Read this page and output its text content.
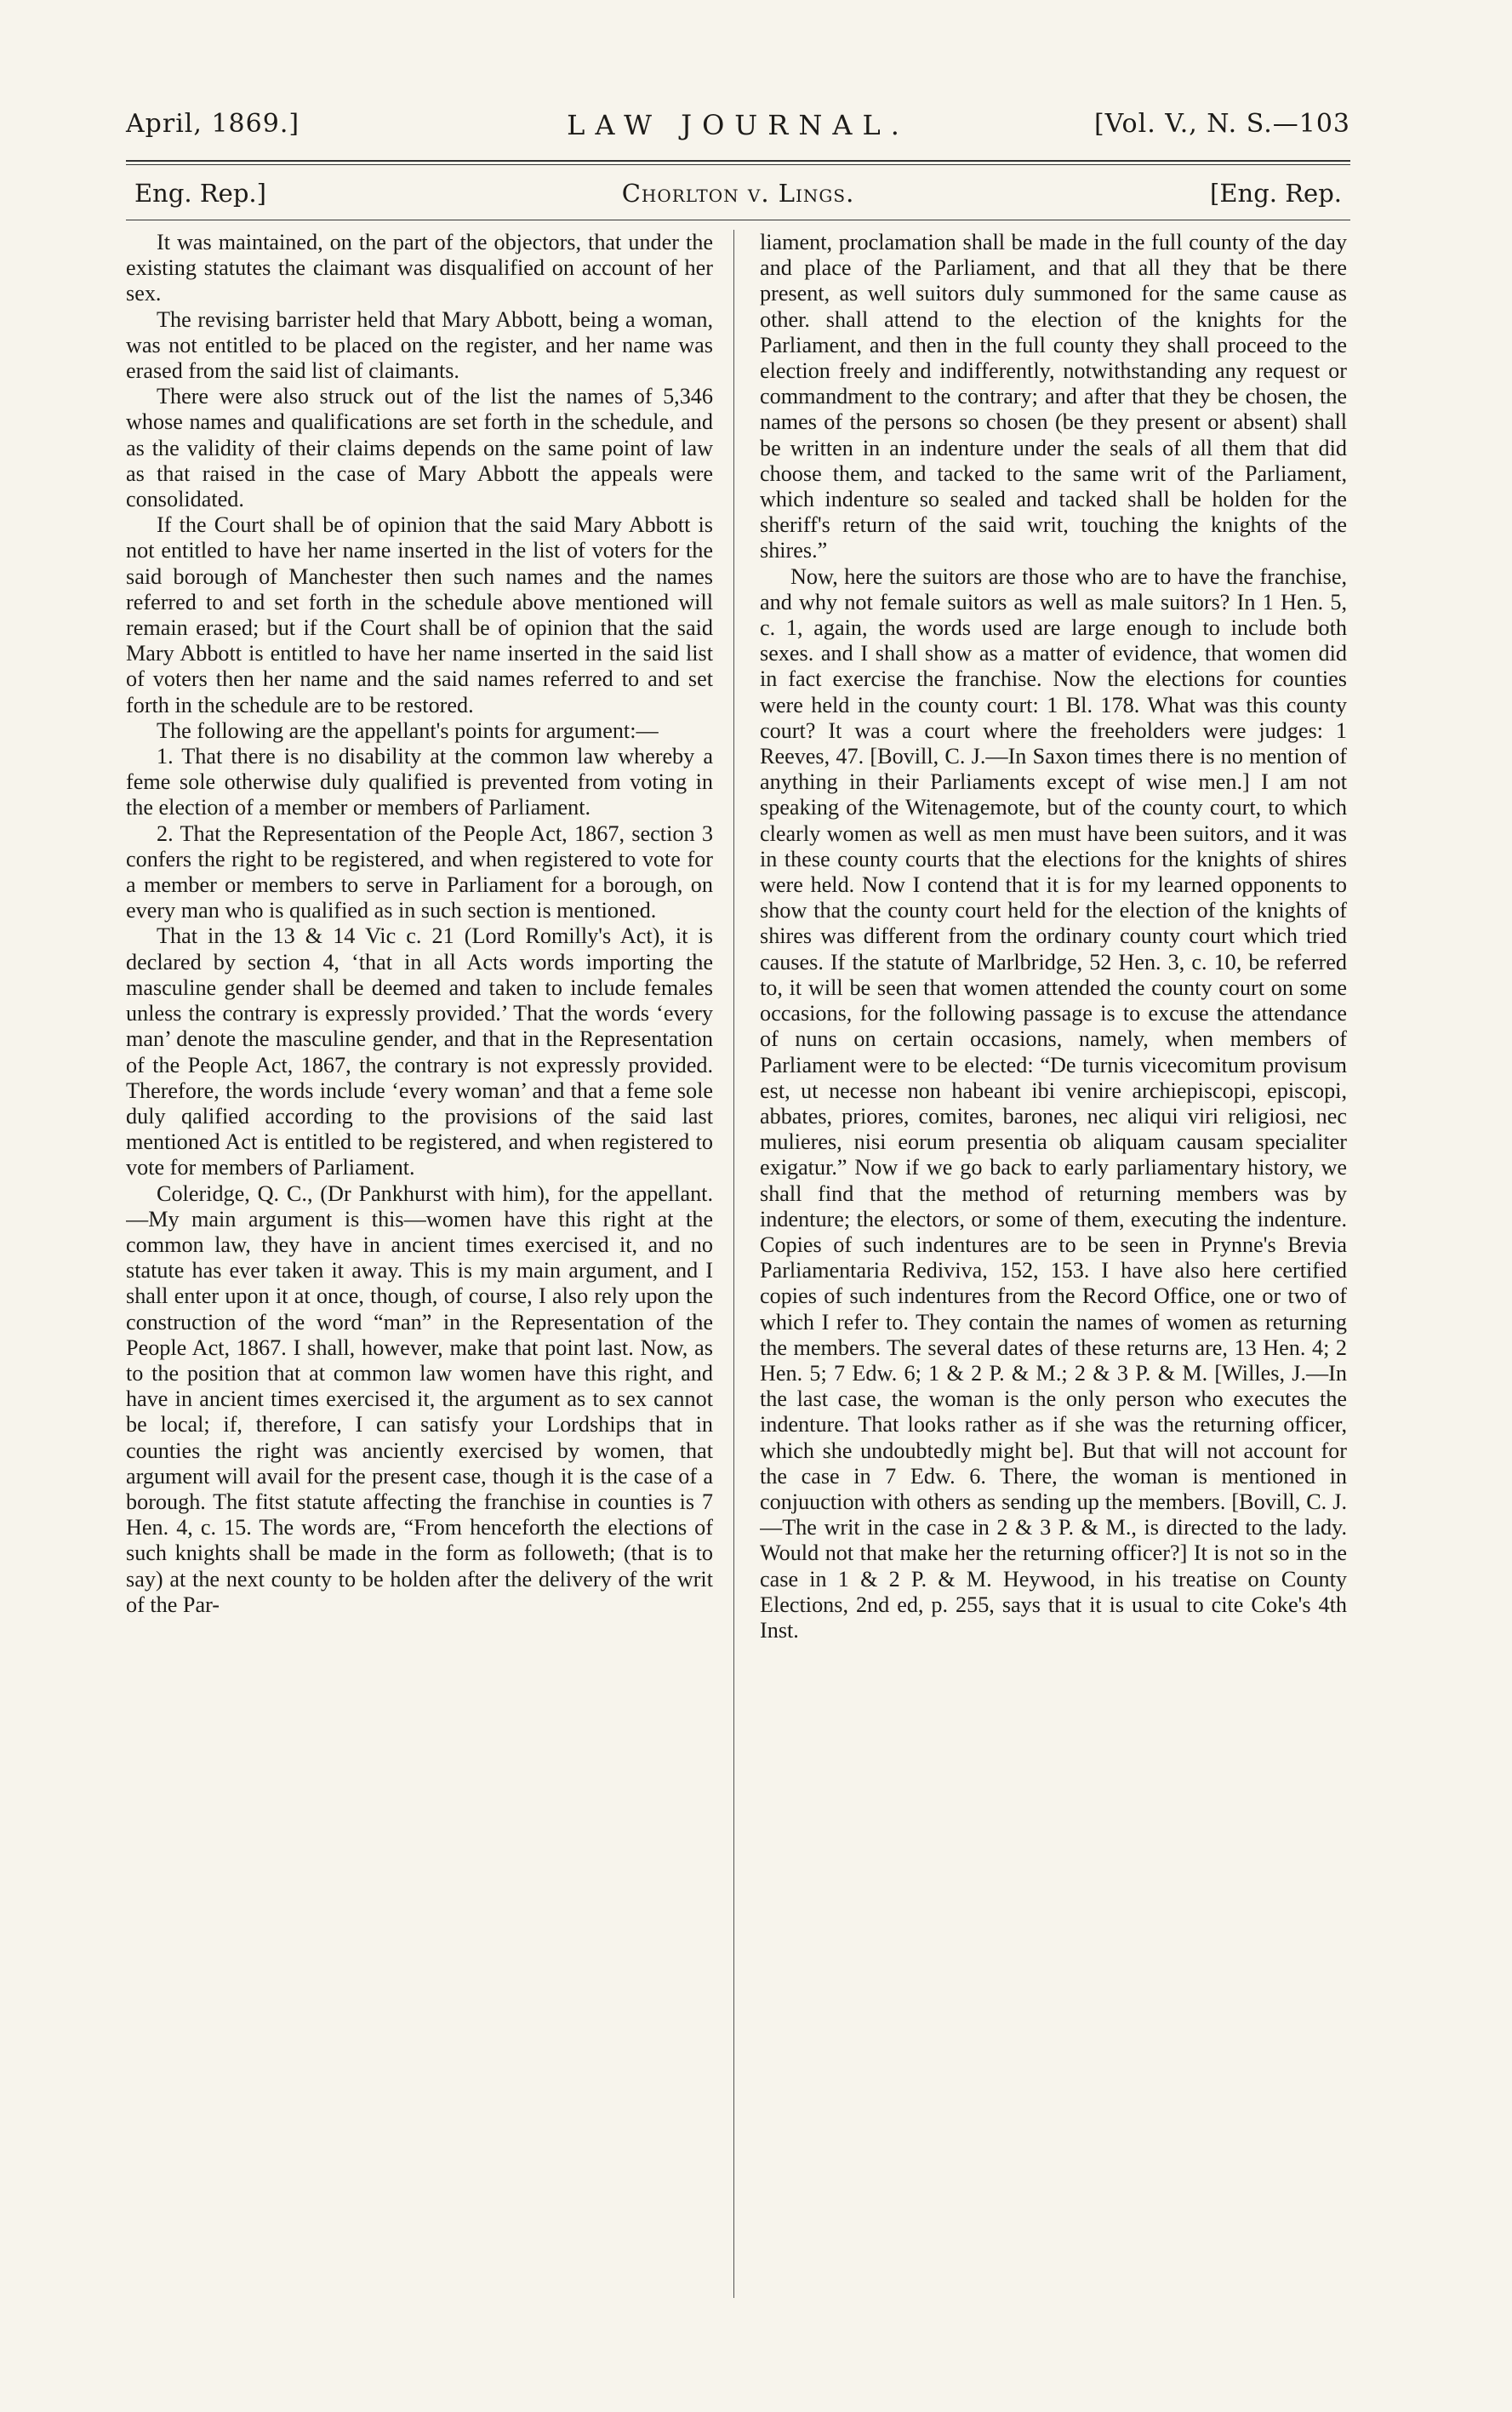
April, 1869.]	LAW JOURNAL.	[Vol. V., N. S.—103
Eng. Rep.]	Chorlton v. Lings.	[Eng. Rep.

It was maintained, on the part of the objectors, that under the existing statutes the claimant was disqualified on account of her sex.

The revising barrister held that Mary Abbott, being a woman, was not entitled to be placed on the register, and her name was erased from the said list of claimants.

There were also struck out of the list the names of 5,346 whose names and qualifications are set forth in the schedule, and as the validity of their claims depends on the same point of law as that raised in the case of Mary Abbott the appeals were consolidated.

If the Court shall be of opinion that the said Mary Abbott is not entitled to have her name inserted in the list of voters for the said borough of Manchester then such names and the names referred to and set forth in the schedule above mentioned will remain erased; but if the Court shall be of opinion that the said Mary Abbott is entitled to have her name inserted in the said list of voters then her name and the said names referred to and set forth in the schedule are to be restored.

The following are the appellant's points for argument:—

1. That there is no disability at the common law whereby a feme sole otherwise duly qualified is prevented from voting in the election of a member or members of Parliament.

2. That the Representation of the People Act, 1867, section 3 confers the right to be registered, and when registered to vote for a member or members to serve in Parliament for a borough, on every man who is qualified as in such section is mentioned.

That in the 13 & 14 Vic c. 21 (Lord Romilly's Act), it is declared by section 4, ‘that in all Acts words importing the masculine gender shall be deemed and taken to include females unless the contrary is expressly provided.’ That the words ‘every man’ denote the masculine gender, and that in the Representation of the People Act, 1867, the contrary is not expressly provided. Therefore, the words include ‘every woman’ and that a feme sole duly qalified according to the provisions of the said last mentioned Act is entitled to be registered, and when registered to vote for members of Parliament.

Coleridge, Q. C., (Dr Pankhurst with him), for the appellant.—My main argument is this—women have this right at the common law, they have in ancient times exercised it, and no statute has ever taken it away. This is my main argument, and I shall enter upon it at once, though, of course, I also rely upon the construction of the word “man” in the Representation of the People Act, 1867. I shall, however, make that point last. Now, as to the position that at common law women have this right, and have in ancient times exercised it, the argument as to sex cannot be local; if, therefore, I can satisfy your Lordships that in counties the right was anciently exercised by women, that argument will avail for the present case, though it is the case of a borough. The fitst statute affecting the franchise in counties is 7 Hen. 4, c. 15. The words are, “From henceforth the elections of such knights shall be made in the form as followeth; (that is to say) at the next county to be holden after the delivery of the writ of the Par-

liament, proclamation shall be made in the full county of the day and place of the Parliament, and that all they that be there present, as well suitors duly summoned for the same cause as other. shall attend to the election of the knights for the Parliament, and then in the full county they shall proceed to the election freely and indifferently, notwithstanding any request or commandment to the contrary; and after that they be chosen, the names of the persons so chosen (be they present or absent) shall be written in an indenture under the seals of all them that did choose them, and tacked to the same writ of the Parliament, which indenture so sealed and tacked shall be holden for the sheriff's return of the said writ, touching the knights of the shires.”

Now, here the suitors are those who are to have the franchise, and why not female suitors as well as male suitors? In 1 Hen. 5, c. 1, again, the words used are large enough to include both sexes. and I shall show as a matter of evidence, that women did in fact exercise the franchise. Now the elections for counties were held in the county court: 1 Bl. 178. What was this county court? It was a court where the freeholders were judges: 1 Reeves, 47. [Bovill, C. J.—In Saxon times there is no mention of anything in their Parliaments except of wise men.] I am not speaking of the Witenagemote, but of the county court, to which clearly women as well as men must have been suitors, and it was in these county courts that the elections for the knights of shires were held. Now I contend that it is for my learned opponents to show that the county court held for the election of the knights of shires was different from the ordinary county court which tried causes. If the statute of Marlbridge, 52 Hen. 3, c. 10, be referred to, it will be seen that women attended the county court on some occasions, for the following passage is to excuse the attendance of nuns on certain occasions, namely, when members of Parliament were to be elected: “De turnis vicecomitum provisum est, ut necesse non habeant ibi venire archiepiscopi, episcopi, abbates, priores, comites, barones, nec aliqui viri religiosi, nec mulieres, nisi eorum presentia ob aliquam causam specialiter exigatur.” Now if we go back to early parliamentary history, we shall find that the method of returning members was by indenture; the electors, or some of them, executing the indenture. Copies of such indentures are to be seen in Prynne's Brevia Parliamentaria Rediviva, 152, 153. I have also here certified copies of such indentures from the Record Office, one or two of which I refer to. They contain the names of women as returning the members. The several dates of these returns are, 13 Hen. 4; 2 Hen. 5; 7 Edw. 6; 1 & 2 P. & M.; 2 & 3 P. & M. [Willes, J.—In the last case, the woman is the only person who executes the indenture. That looks rather as if she was the returning officer, which she undoubtedly might be]. But that will not account for the case in 7 Edw. 6. There, the woman is mentioned in conjuuction with others as sending up the members. [Bovill, C. J.—The writ in the case in 2 & 3 P. & M., is directed to the lady. Would not that make her the returning officer?] It is not so in the case in 1 & 2 P. & M. Heywood, in his treatise on County Elections, 2nd ed, p. 255, says that it is usual to cite Coke's 4th Inst.
